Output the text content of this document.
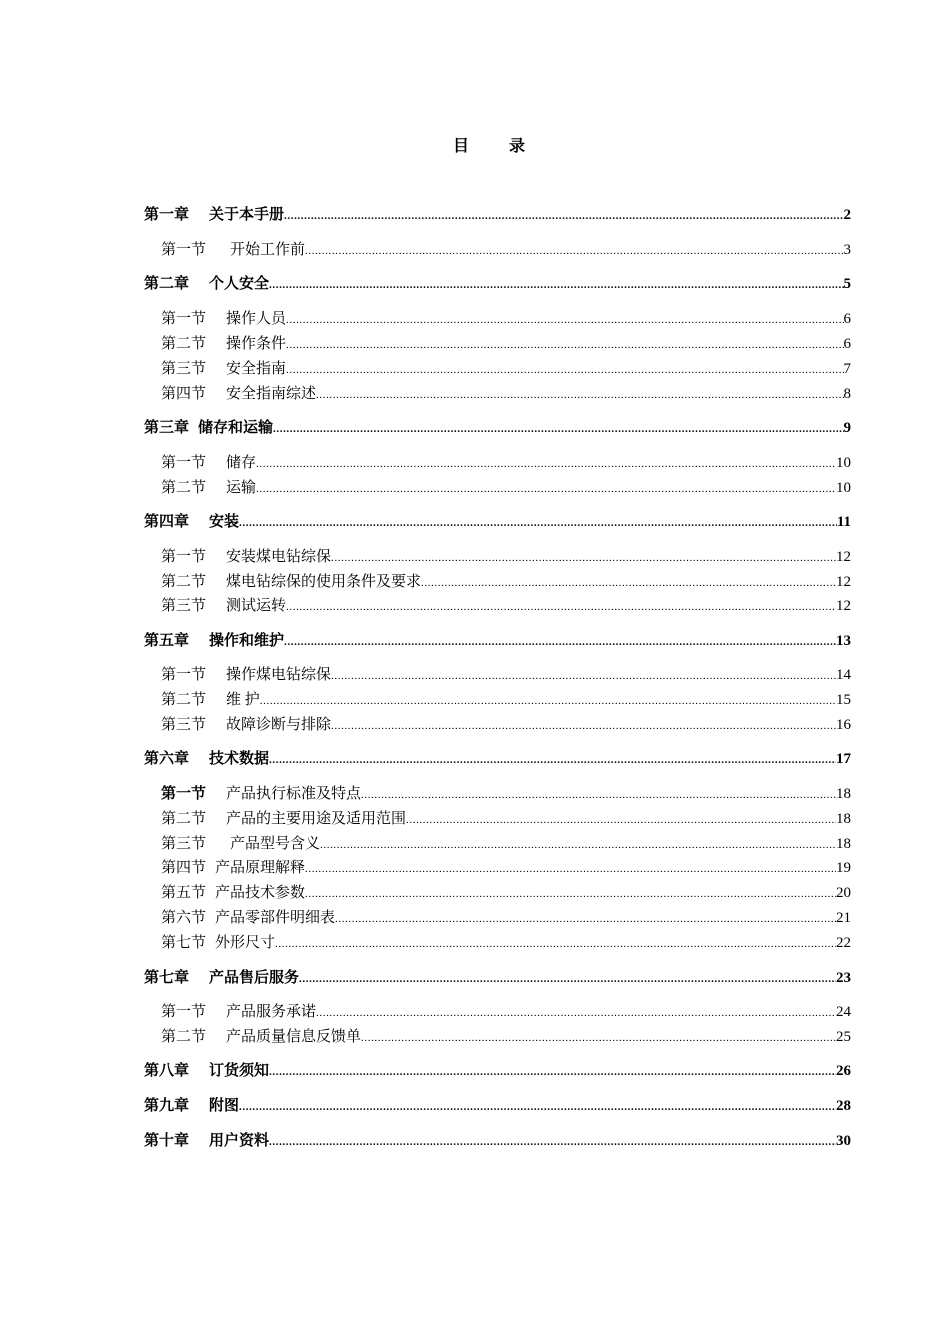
目 录
第一章 关于本手册 .....	2
第一节 开始工作前 .....	3
第二章 个人安全 .....	5
第一节 操作人员 .....	6
第二节 操作条件 .....	6
第三节 安全指南 .....	7
第四节 安全指南综述 .....	8
第三章 储存和运输 .....	9
第一节 储存 .....	10
第二节 运输 .....	10
第四章 安装 .....	11
第一节 安装煤电钻综保 .....	12
第二节 煤电钻综保的使用条件及要求 .....	12
第三节 测试运转 .....	12
第五章 操作和维护 .....	13
第一节 操作煤电钻综保 .....	14
第二节 维 护 .....	15
第三节 故障诊断与排除 .....	16
第六章 技术数据 .....	17
第一节 产品执行标准及特点 .....	18
第二节 产品的主要用途及适用范围 .....	18
第三节 产品型号含义 .....	18
第四节 产品原理解释 .....	19
第五节 产品技术参数 .....	20
第六节 产品零部件明细表 .....	21
第七节 外形尺寸 .....	22
第七章 产品售后服务 .....	23
第一节 产品服务承诺 .....	24
第二节 产品质量信息反馈单 .....	25
第八章 订货须知 .....	26
第九章 附图 .....	28
第十章 用户资料 .....	30
